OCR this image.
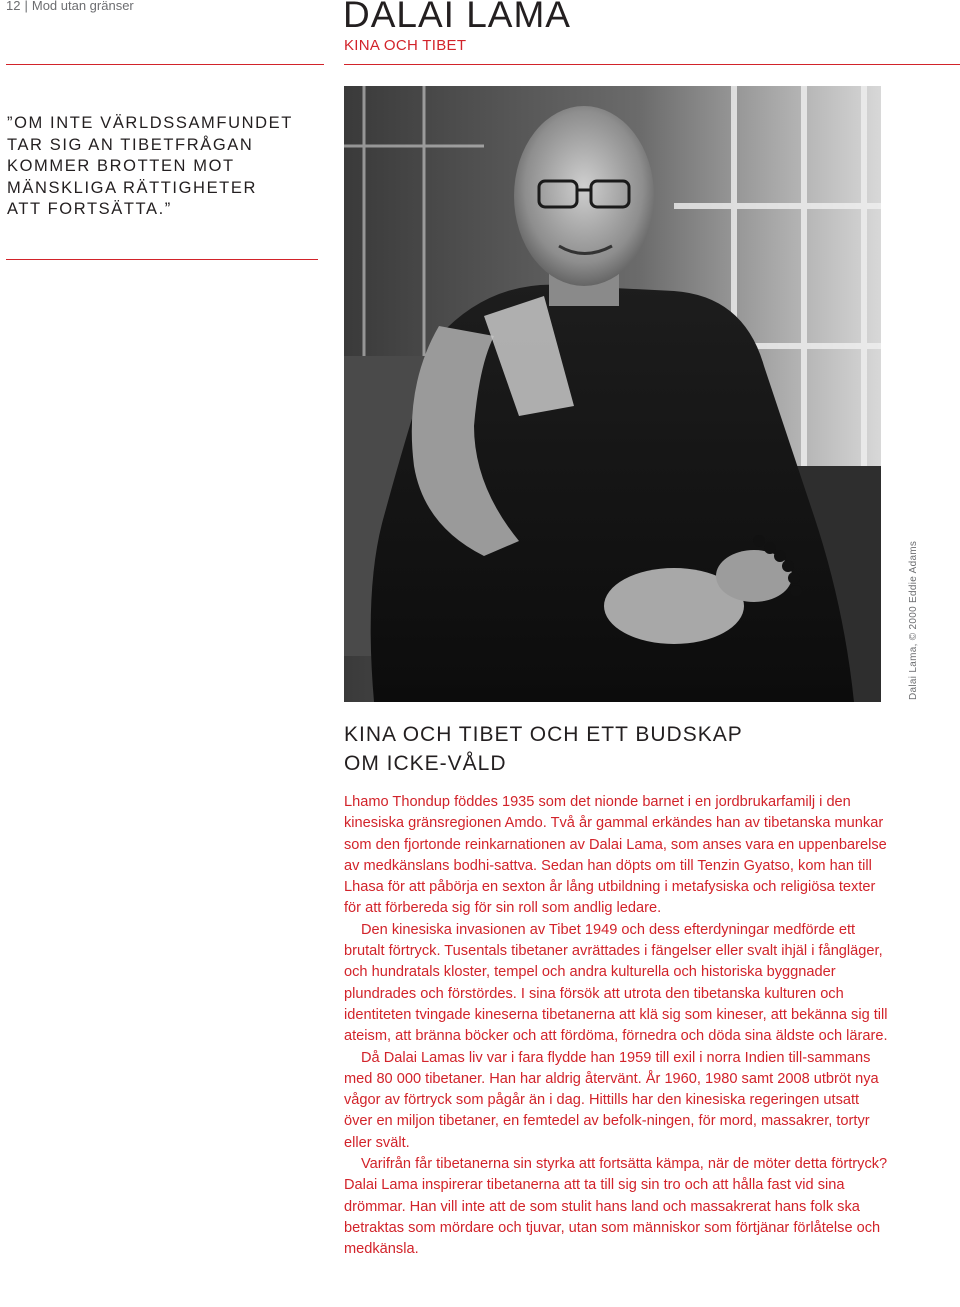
12 | Mod utan gränser	DALAI LAMA
KINA OCH TIBET
”OM INTE VÄRLDSSAMFUNDET
TAR SIG AN TIBETFRÅGAN
KOMMER BROTTEN MOT
MÄNSKLIGA RÄTTIGHETER
ATT FORTSÄTTA.”
Dalai Lama, © 2000 Eddie Adams
KINA OCH TIBET OCH ETT BUDSKAP
OM ICKE-VÅLD

Lhamo Thondup föddes 1935 som det nionde barnet i en jordbrukarfamilj i den kinesiska gränsregionen Amdo. Två år gammal erkändes han av tibetanska munkar som den fjortonde reinkarnationen av Dalai Lama, som anses vara en uppenbarelse av medkänslans bodhi-sattva. Sedan han döpts om till Tenzin Gyatso, kom han till Lhasa för att påbörja en sexton år lång utbildning i metafysiska och religiösa texter för att förbereda sig för sin roll som andlig ledare.

Den kinesiska invasionen av Tibet 1949 och dess efterdyningar medförde ett brutalt förtryck. Tusentals tibetaner avrättades i fängelser eller svalt ihjäl i fångläger, och hundratals kloster, tempel och andra kulturella och historiska byggnader plundrades och förstördes. I sina försök att utrota den tibetanska kulturen och identiteten tvingade kineserna tibetanerna att klä sig som kineser, att bekänna sig till ateism, att bränna böcker och att fördöma, förnedra och döda sina äldste och lärare.

Då Dalai Lamas liv var i fara flydde han 1959 till exil i norra Indien till-sammans med 80 000 tibetaner. Han har aldrig återvänt. År 1960, 1980 samt 2008 utbröt nya vågor av förtryck som pågår än i dag. Hittills har den kinesiska regeringen utsatt över en miljon tibetaner, en femtedel av befolk-ningen, för mord, massakrer, tortyr eller svält.

Varifrån får tibetanerna sin styrka att fortsätta kämpa, när de möter detta förtryck? Dalai Lama inspirerar tibetanerna att ta till sig sin tro och att hålla fast vid sina drömmar. Han vill inte att de som stulit hans land och massakrerat hans folk ska betraktas som mördare och tjuvar, utan som människor som förtjänar förlåtelse och medkänsla.
